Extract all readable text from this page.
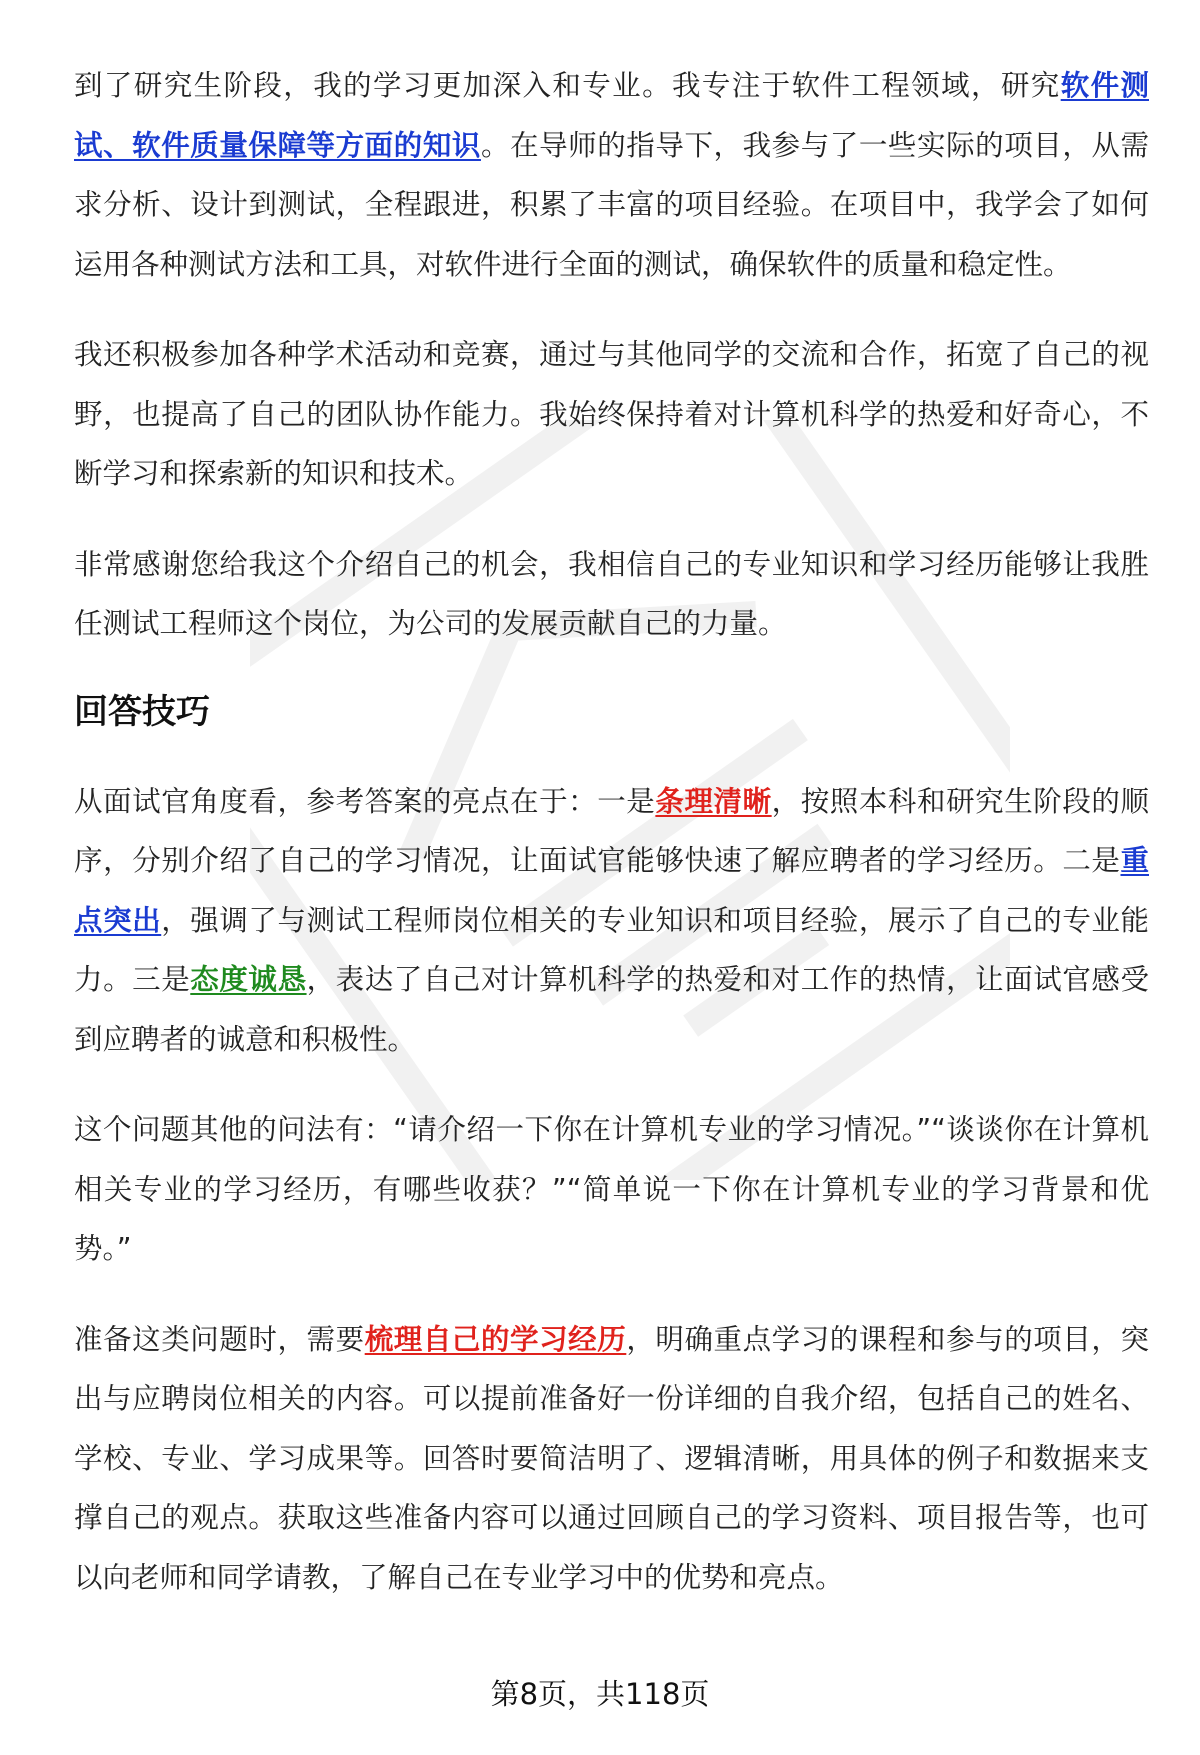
到了研究生阶段，我的学习更加深入和专业。我专注于软件工程领域，研究软件测试、软件质量保障等方面的知识。在导师的指导下，我参与了一些实际的项目，从需求分析、设计到测试，全程跟进，积累了丰富的项目经验。在项目中，我学会了如何运用各种测试方法和工具，对软件进行全面的测试，确保软件的质量和稳定性。

我还积极参加各种学术活动和竞赛，通过与其他同学的交流和合作，拓宽了自己的视野，也提高了自己的团队协作能力。我始终保持着对计算机科学的热爱和好奇心，不断学习和探索新的知识和技术。

非常感谢您给我这个介绍自己的机会，我相信自己的专业知识和学习经历能够让我胜任测试工程师这个岗位，为公司的发展贡献自己的力量。

回答技巧

从面试官角度看，参考答案的亮点在于：一是条理清晰，按照本科和研究生阶段的顺序，分别介绍了自己的学习情况，让面试官能够快速了解应聘者的学习经历。二是重点突出，强调了与测试工程师岗位相关的专业知识和项目经验，展示了自己的专业能力。三是态度诚恳，表达了自己对计算机科学的热爱和对工作的热情，让面试官感受到应聘者的诚意和积极性。

这个问题其他的问法有：“请介绍一下你在计算机专业的学习情况。”“谈谈你在计算机相关专业的学习经历，有哪些收获？”“简单说一下你在计算机专业的学习背景和优势。”

准备这类问题时，需要梳理自己的学习经历，明确重点学习的课程和参与的项目，突出与应聘岗位相关的内容。可以提前准备好一份详细的自我介绍，包括自己的姓名、学校、专业、学习成果等。回答时要简洁明了、逻辑清晰，用具体的例子和数据来支撑自己的观点。获取这些准备内容可以通过回顾自己的学习资料、项目报告等，也可以向老师和同学请教，了解自己在专业学习中的优势和亮点。

第8页，共118页
